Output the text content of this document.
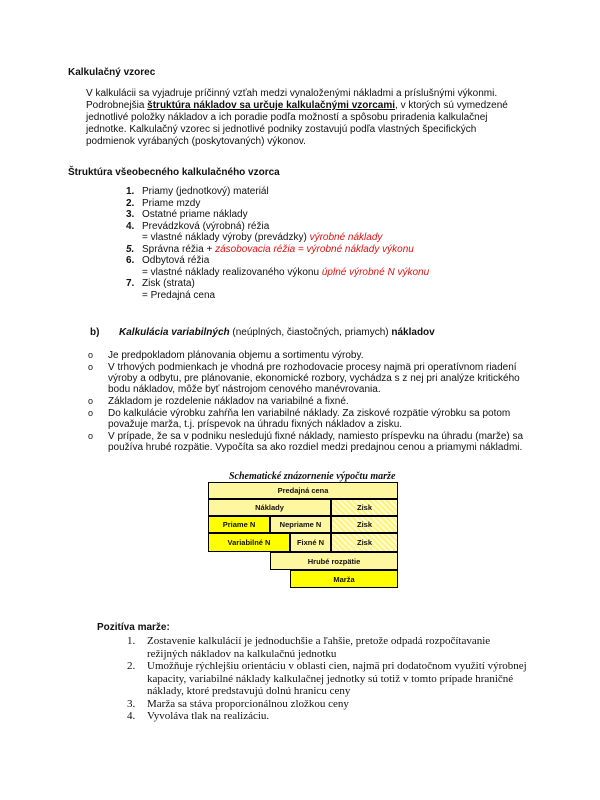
Kalkulačný vzorec
V kalkulácii sa vyjadruje príčinný vzťah medzi vynaloženými nákladmi a príslušnými výkonmi. Podrobnejšia štruktúra nákladov sa určuje kalkulačnými vzorcami, v ktorých sú vymedzené jednotlivé položky nákladov a ich poradie podľa možností a spôsobu priradenia kalkulačnej jednotke. Kalkulačný vzorec si jednotlivé podniky zostavujú podľa vlastných špecifických podmienok vyrábaných (poskytovaných) výkonov.
Štruktúra všeobecného kalkulačného vzorca
1. Priamy (jednotkový) materiál
2. Priame mzdy
3. Ostatné priame náklady
4. Prevádzková (výrobná) réžia
= vlastné náklady výroby (prevádzky) výrobné náklady
5. Správna réžia + zásobovacia réžia = výrobné náklady výkonu
6. Odbytová réžia
= vlastné náklady realizovaného výkonu úplné výrobné N výkonu
7. Zisk (strata)
= Predajná cena
b) Kalkulácia variabilných (neúplných, čiastočných, priamych) nákladov
o Je predpokladom plánovania objemu a sortimentu výroby.
o V trhových podmienkach je vhodná pre rozhodovacie procesy najmä pri operatívnom riadení výroby a odbytu, pre plánovanie, ekonomické rozbory, vychádza s z nej pri analýze kritického bodu nákladov, môže byť nástrojom cenového manévrovania.
o Základom je rozdelenie nákladov na variabilné a fixné.
o Do kalkulácie výrobku zahŕňa len variabilné náklady. Za ziskové rozpätie výrobku sa potom považuje marža, t.j. príspevok na úhradu fixných nákladov a zisku.
o V prípade, že sa v podniku nesledujú fixné náklady, namiesto príspevku na úhradu (marže) sa používa hrubé rozpätie. Vypočíta sa ako rozdiel medzi predajnou cenou a priamymi nákladmi.
Schematické znázornenie výpočtu marže
Predajná cena
Náklady	Zisk
Priame N	Nepriame N	Zisk
Variabilné N	Fixné N	Zisk
Hrubé rozpätie
Marža
Pozitíva marže:
1. Zostavenie kalkulácií je jednoduchšie a ľahšie, pretože odpadá rozpočítavanie režijných nákladov na kalkulačnú jednotku
2. Umožňuje rýchlejšiu orientáciu v oblasti cien, najmä pri dodatočnom využití výrobnej kapacity, variabilné náklady kalkulačnej jednotky sú totiž v tomto prípade hraničné náklady, ktoré predstavujú dolnú hranicu ceny
3. Marža sa stáva proporcionálnou zložkou ceny
4. Vyvoláva tlak na realizáciu.
